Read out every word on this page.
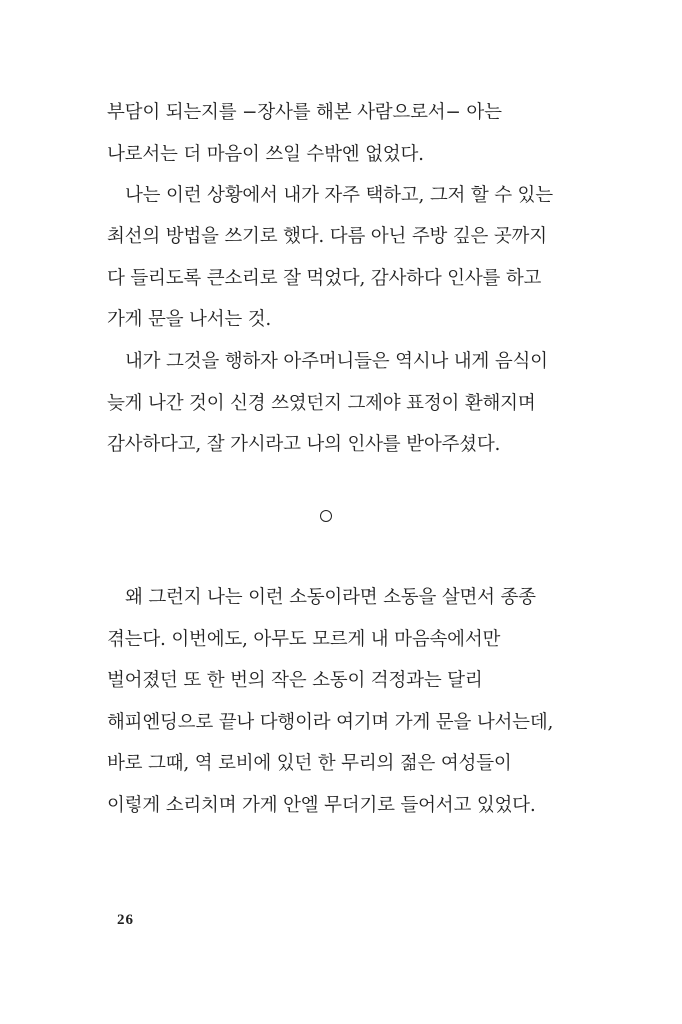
부담이 되는지를 −장사를 해본 사람으로서− 아는
나로서는 더 마음이 쓰일 수밖엔 없었다.
나는 이런 상황에서 내가 자주 택하고, 그저 할 수 있는
최선의 방법을 쓰기로 했다. 다름 아닌 주방 깊은 곳까지
다 들리도록 큰소리로 잘 먹었다, 감사하다 인사를 하고
가게 문을 나서는 것.
내가 그것을 행하자 아주머니들은 역시나 내게 음식이
늦게 나간 것이 신경 쓰였던지 그제야 표정이 환해지며
감사하다고, 잘 가시라고 나의 인사를 받아주셨다.
왜 그런지 나는 이런 소동이라면 소동을 살면서 종종
겪는다. 이번에도, 아무도 모르게 내 마음속에서만
벌어졌던 또 한 번의 작은 소동이 걱정과는 달리
해피엔딩으로 끝나 다행이라 여기며 가게 문을 나서는데,
바로 그때, 역 로비에 있던 한 무리의 젊은 여성들이
이렇게 소리치며 가게 안엘 무더기로 들어서고 있었다.
26
